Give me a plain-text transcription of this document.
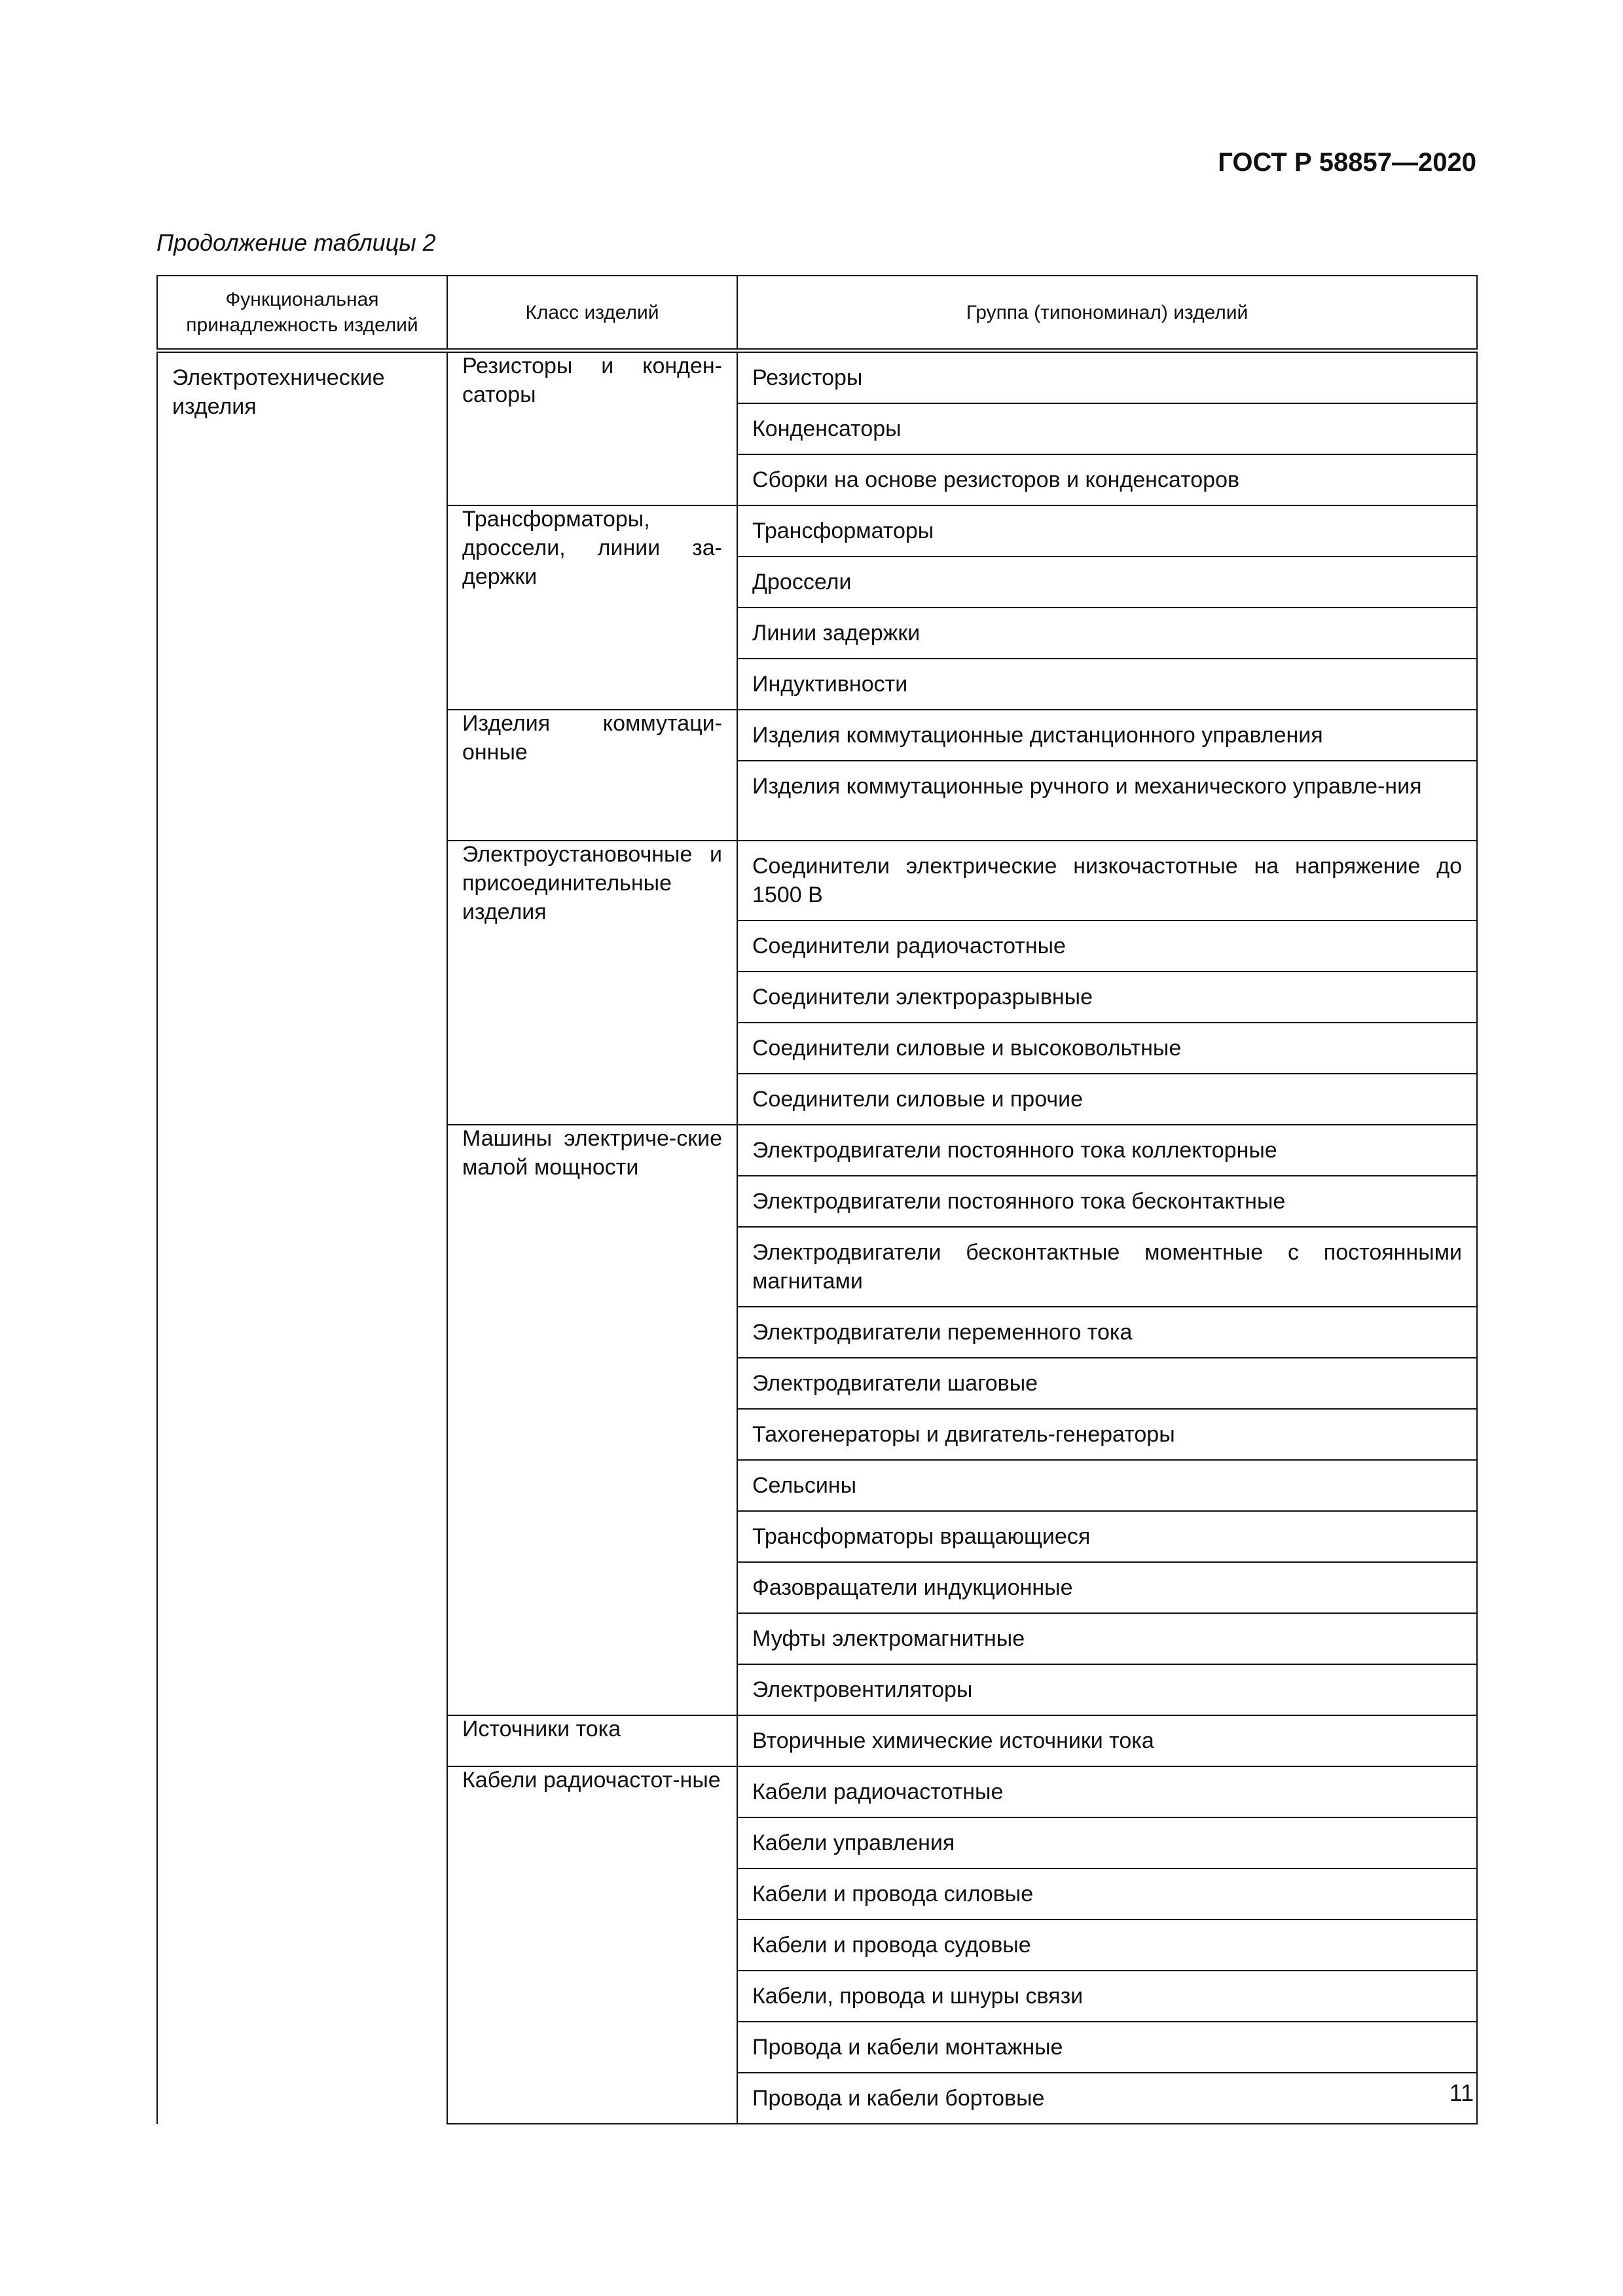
ГОСТ Р 58857—2020
Продолжение таблицы 2
Функциональная принадлежность изделий	Класс изделий	Группа (типономинал) изделий
Электротехнические изделия	Резисторы и конден-саторы	Резисторы
		Конденсаторы
		Сборки на основе резисторов и конденсаторов

	Трансформаторы, дроссели, линии за-держки	Трансформаторы
		Дроссели
		Линии задержки
		Индуктивности

	Изделия коммутаци-онные	Изделия коммутационные дистанционного управления
		Изделия коммутационные ручного и механического управле-ния

	Электроустановочные и присоединительные изделия	Соединители электрические низкочастотные на напряжение до 1500 В
		Соединители радиочастотные
		Соединители электроразрывные
		Соединители силовые и высоковольтные
		Соединители силовые и прочие

	Машины электриче-ские малой мощности	Электродвигатели постоянного тока коллекторные
		Электродвигатели постоянного тока бесконтактные
		Электродвигатели бесконтактные моментные с постоянными магнитами
		Электродвигатели переменного тока
		Электродвигатели шаговые
		Тахогенераторы и двигатель-генераторы
		Сельсины
		Трансформаторы вращающиеся
		Фазовращатели индукционные
		Муфты электромагнитные
		Электровентиляторы

	Источники тока	Вторичные химические источники тока

	Кабели радиочастот-ные	Кабели радиочастотные
		Кабели управления
		Кабели и провода силовые
		Кабели и провода судовые
		Кабели, провода и шнуры связи
		Провода и кабели монтажные
		Провода и кабели бортовые	11
